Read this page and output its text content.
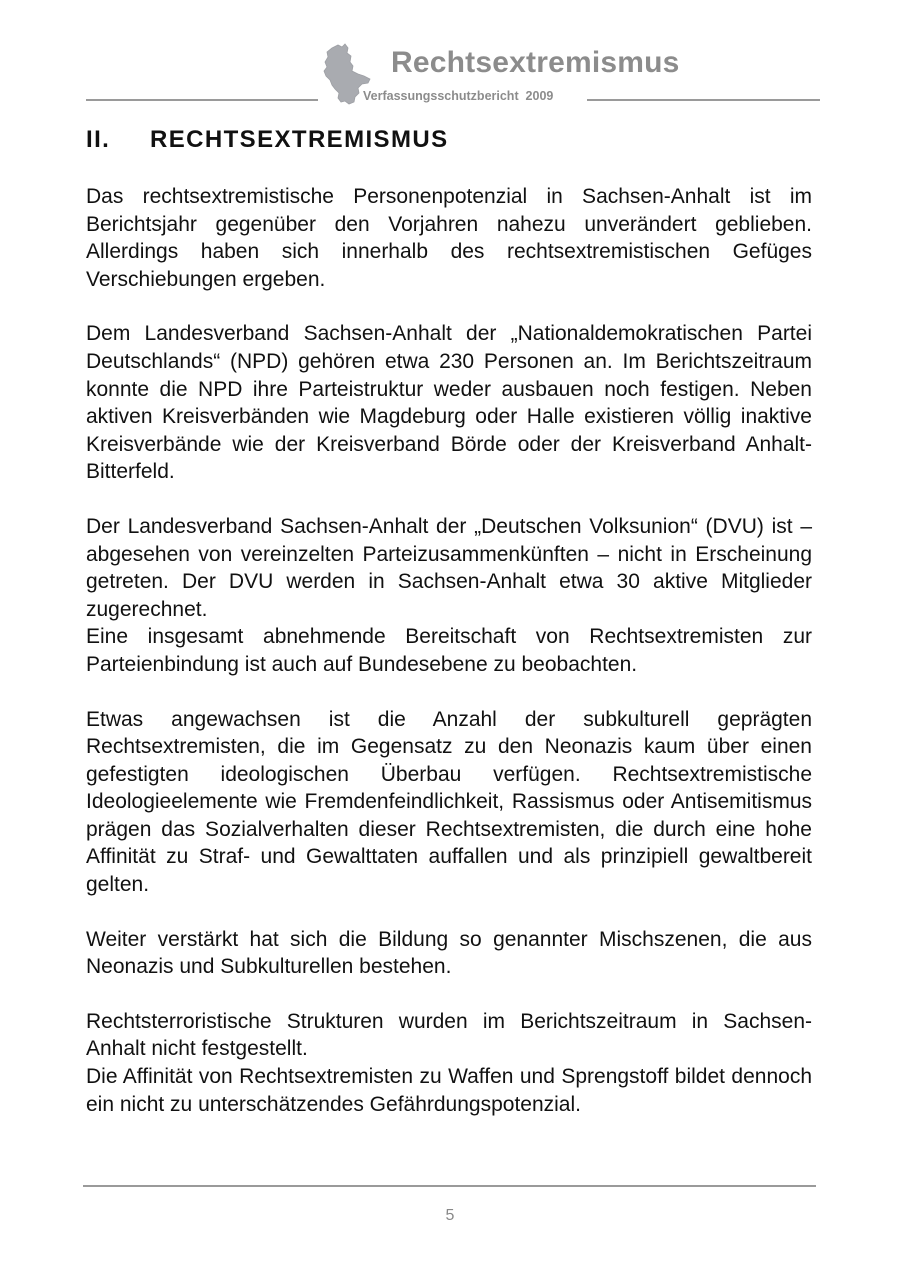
Rechtsextremismus
Verfassungsschutzbericht  2009
II. RECHTSEXTREMISMUS

Das rechtsextremistische Personenpotenzial in Sachsen-Anhalt ist im Berichtsjahr gegenüber den Vorjahren nahezu unverändert geblieben. Allerdings haben sich innerhalb des rechtsextremistischen Gefüges Verschiebungen ergeben.

Dem Landesverband Sachsen-Anhalt der „Nationaldemokratischen Partei Deutschlands“ (NPD) gehören etwa 230 Personen an. Im Berichtszeitraum konnte die NPD ihre Parteistruktur weder ausbauen noch festigen. Neben aktiven Kreisverbänden wie Magdeburg oder Halle existieren völlig inaktive Kreisverbände wie der Kreisverband Börde oder der Kreisverband Anhalt-Bitterfeld.

Der Landesverband Sachsen-Anhalt der „Deutschen Volksunion“ (DVU) ist – abgesehen von vereinzelten Parteizusammenkünften – nicht in Erscheinung getreten. Der DVU werden in Sachsen-Anhalt etwa 30 aktive Mitglieder zugerechnet.

Eine insgesamt abnehmende Bereitschaft von Rechtsextremisten zur Parteienbindung ist auch auf Bundesebene zu beobachten.

Etwas angewachsen ist die Anzahl der subkulturell geprägten Rechtsextremisten, die im Gegensatz zu den Neonazis kaum über einen gefestigten ideologischen Überbau verfügen. Rechtsextremistische Ideologieelemente wie Fremdenfeindlichkeit, Rassismus oder Antisemitismus prägen das Sozialverhalten dieser Rechtsextremisten, die durch eine hohe Affinität zu Straf- und Gewalttaten auffallen und als prinzipiell gewaltbereit gelten.

Weiter verstärkt hat sich die Bildung so genannter Mischszenen, die aus Neonazis und Subkulturellen bestehen.

Rechtsterroristische Strukturen wurden im Berichtszeitraum in Sachsen-Anhalt nicht festgestellt.

Die Affinität von Rechtsextremisten zu Waffen und Sprengstoff bildet dennoch ein nicht zu unterschätzendes Gefährdungspotenzial.

5
